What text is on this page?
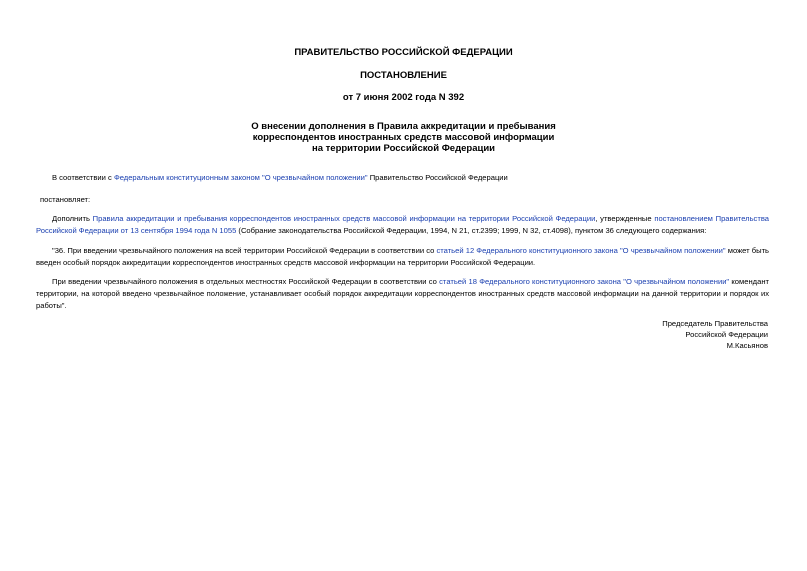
ПРАВИТЕЛЬСТВО РОССИЙСКОЙ ФЕДЕРАЦИИ
ПОСТАНОВЛЕНИЕ
от 7 июня 2002 года N 392
О внесении дополнения в Правила аккредитации и пребывания
корреспондентов иностранных средств массовой информации
на территории Российской Федерации
В соответствии с Федеральным конституционным законом "О чрезвычайном положении" Правительство Российской Федерации
постановляет:
Дополнить Правила аккредитации и пребывания корреспондентов иностранных средств массовой информации на территории Российской Федерации, утвержденные постановлением Правительства Российской Федерации от 13 сентября 1994 года N 1055 (Собрание законодательства Российской Федерации, 1994, N 21, ст.2399; 1999, N 32, ст.4098), пунктом 36 следующего содержания:
"36. При введении чрезвычайного положения на всей территории Российской Федерации в соответствии со статьей 12 Федерального конституционного закона "О чрезвычайном положении" может быть введен особый порядок аккредитации корреспондентов иностранных средств массовой информации на территории Российской Федерации.
При введении чрезвычайного положения в отдельных местностях Российской Федерации в соответствии со статьей 18 Федерального конституционного закона "О чрезвычайном положении" комендант территории, на которой введено чрезвычайное положение, устанавливает особый порядок аккредитации корреспондентов иностранных средств массовой информации на данной территории и порядок их работы".
Председатель Правительства
Российской Федерации
М.Касьянов
